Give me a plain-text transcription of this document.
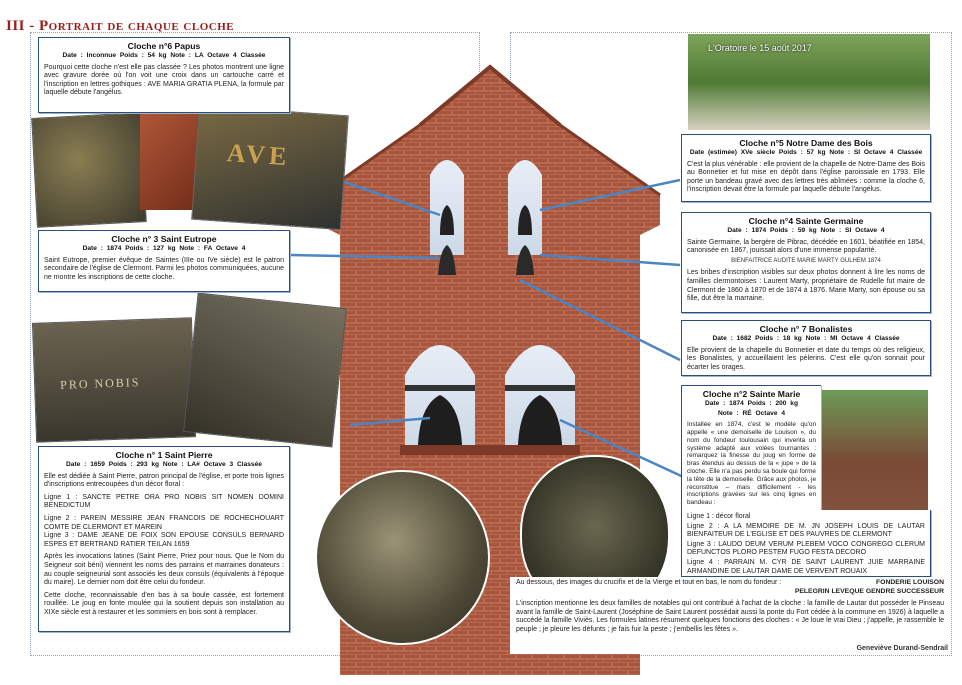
III - Portrait de chaque cloche
AVE
PRO NOBIS
L'Oratoire le 15 août 2017
Cloche n°6 Papus
Date : Inconnue Poids : 54 kg Note : LA Octave 4 Classée

Pourquoi cette cloche n'est elle pas classée ? Les photos montrent une ligne avec gravure dorée où l'on voit une croix dans un cartouche carré et l'inscription en lettres gothiques : AVE MARIA GRATIA PLENA, la formule par laquelle débute l'angélus.

Cloche n° 3 Saint Eutrope
Date : 1874 Poids : 127 kg Note : FA Octave 4

Saint Eutrope, premier évêque de Saintes (IIIe ou IVe siècle) est le patron secondaire de l'église de Clermont. Parmi les photos communiquées, aucune ne montre les inscriptions de cette cloche.

Cloche n° 1 Saint Pierre
Date : 1659 Poids : 293 kg Note : LA# Octave 3 Classée

Elle est dédiée à Saint Pierre, patron principal de l'église, et porte trois lignes d'inscriptions entrecoupées d'un décor floral :

Ligne 1 : SANCTE PETRE ORA PRO NOBIS SIT NOMEN DOMINI BENEDICTUM

Ligne 2 : PAREIN MESSIRE JEAN FRANCOIS DE ROCHECHOUART COMTE DE CLERMONT ET MAREIN

Ligne 3 : DAME JEANE DE FOIX SON EPOUSE CONSULS BERNARD ESPES ET BERTRAND RATIER TEILAN 1659

Après les invocations latines (Saint Pierre, Priez pour nous. Que le Nom du Seigneur soit béni) viennent les noms des parrains et marraines donateurs : au couple seigneurial sont associés les deux consuls (équivalents à l'époque du maire). Le dernier nom doit être celui du fondeur.

Cette cloche, reconnaissable d'en bas à sa boule cassée, est fortement rouillée. Le joug en fonte moulée qui la soutient depuis son installation au XIXe siècle est à restaurer et les sommiers en bois sont à remplacer.

Cloche n°5 Notre Dame des Bois
Date (estimée) XVe siècle Poids : 57 kg Note : SI Octave 4 Classée

C'est la plus vénérable : elle provient de la chapelle de Notre-Dame des Bois au Bonnetier et fut mise en dépôt dans l'église paroissiale en 1793. Elle porte un bandeau gravé avec des lettres très abîmées : comme la cloche 6, l'inscription devait être la formule par laquelle débute l'angélus.

Cloche n°4 Sainte Germaine
Date : 1874 Poids : 59 kg Note : SI Octave 4

Sainte Germaine, la bergère de Pibrac, décédée en 1601, béatifiée en 1854, canonisée en 1867, jouissait alors d'une immense popularité.

BIENFAITRICE AUDITE MARIE MARTY GULHEM 1874

Les bribes d'inscription visibles sur deux photos donnent à lire les noms de familles clermontoises : Laurent Marty, propriétaire de Rudelle fut maire de Clermont de 1860 à 1870 et de 1874 à 1876. Marie Marty, son épouse ou sa fille, dut être la marraine.

Cloche n° 7 Bonalistes
Date : 1682 Poids : 18 kg Note : MI Octave 4 Classée

Elle provient de la chapelle du Bonnetier et date du temps où des religieux, les Bonalistes, y accueillaient les pèlerins. C'est elle qu'on sonnait pour écarter les orages.

Cloche n°2 Sainte Marie
Date : 1874 Poids : 200 kg
Note : RÉ Octave 4

Installée en 1874, c'est le modèle qu'on appelle « une demoiselle de Louison », du nom du fondeur toulousain qui inventa un système adapté aux volées tournantes : remarquez la finesse du joug en forme de bras étendus au dessus de la « jupe » de la cloche. Elle n'a pas perdu sa boule qui forme la tête de la demoiselle. Grâce aux photos, je reconstitue – mais difficilement - les inscriptions gravées sur les cinq lignes en bandeau :

Ligne 1 : décor floral

Ligne 2 : A LA MEMOIRE DE M. JN JOSEPH LOUIS DE LAUTAR BIENFAITEUR DE L'EGLISE ET DES PAUVRES DE CLERMONT

Ligne 3 : LAUDO DEUM VERUM PLEBEM VOCO CONGREGO CLERUM DEFUNCTOS PLORO PESTEM FUGO FESTA DECORO

Ligne 4 : PARRAIN M. CYR DE SAINT LAURENT JUIE MARRAINE ARMANDINE DE LAUTAR DAME DE VERVENT ROUAIX

FONDERIE LOUISON
PELEGRIN LEVEQUE GENDRE SUCCESSEUR
Au dessous, des images du crucifix et de la Vierge et tout en bas, le nom du fondeur :
L'inscription mentionne les deux familles de notables qui ont contribué à l'achat de la cloche : la famille de Lautar dut posséder le Pinseau avant la famille de Saint-Laurent (Joséphine de Saint Laurent possédait aussi la ponte du Fort cédée à la commune en 1926) à laquelle a succédé la famille Viviès. Les formules latines résument quelques fonctions des cloches : « Je loue le vrai Dieu ; j'appelle, je rassemble le peuple ; je pleure les défunts ; je fais fuir la peste ; j'embellis les fêtes ».
Geneviève Durand-Sendrail
